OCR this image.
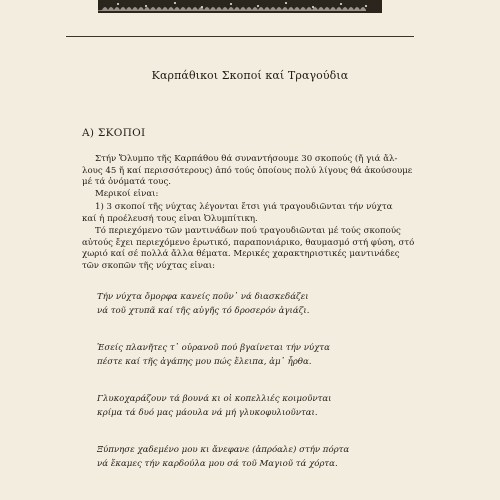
Καρπάθικοι Σκοποί καί Τραγούδια
Α) ΣΚΟΠΟΙ
Στήν Ὄλυμπο τῆς Καρπάθου θά συναντήσουμε 30 σκοπούς (ἤ γιά ἄλ-
λους 45 ἤ καί περισσότερους) ἀπό τούς ὁποίους πολύ λίγους θά ἀκούσουμε
μέ τά ὀνόματά τους.
Μερικοί εἶναι:
1) 3 σκοποί τῆς νύχτας λέγονται ἔτσι γιά τραγουδιῶνται τήν νύχτα
καί ἡ προέλευσή τους εἶναι Ὀλυμπίτικη.
Τό περιεχόμενο τῶν μαντινάδων πού τραγουδιῶνται μέ τούς σκοπούς
αὐτούς ἔχει περιεχόμενο ἐρωτικό, παραπονιάρικο, θαυμασμό στή φύση, στό
χωριό καί σέ πολλά ἄλλα θέματα. Μερικές χαρακτηριστικές μαντινάδες
τῶν σκοπῶν τῆς νύχτας εἶναι:
Τήν νύχτα ὄμορφα κανείς ποῦν᾽ νά διασκεδάζει
νά τοῦ χτυπᾶ καί τῆς αὐγῆς τό δροσερόν ἀγιάζι.
Ἐσείς πλανῆτες τ᾽ οὐρανοῦ πού βγαίνεται τήν νύχτα
πέστε καί τῆς ἀγάπης μου πώς ἔλειπα, ἀμ᾽ ἦρθα.
Γλυκοχαράζουν τά βουνά κι οἱ κοπελλιές κοιμοῦνται
κρίμα τά δυό μας μάουλα νά μή γλυκοφυλιοῦνται.
Ξύπνησε χαδεμένο μου κι ἄνεφανε (ἀπρόαλε) στήν πόρτα
νά ἔκαμες τήν καρδούλα μου σά τοῦ Μαγιοῦ τά χόρτα.
